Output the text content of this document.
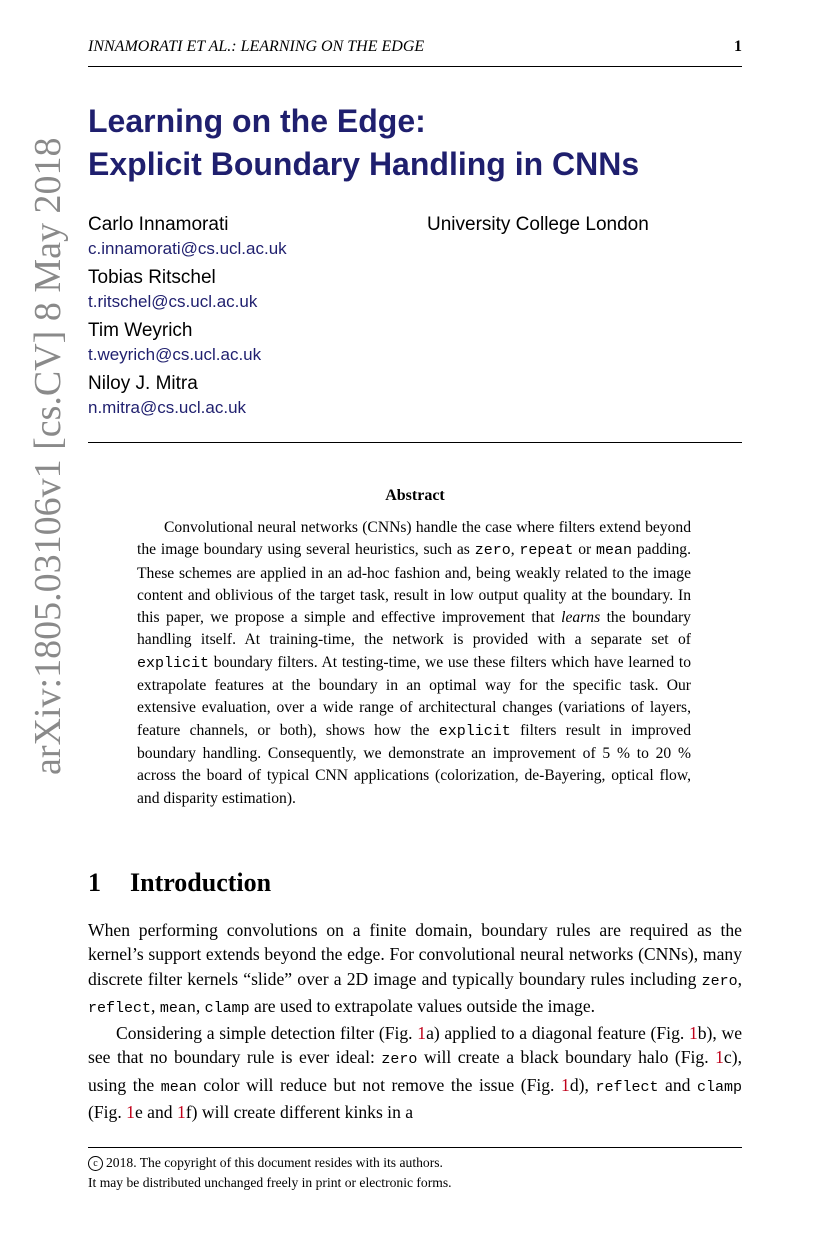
INNAMORATI ET AL.: LEARNING ON THE EDGE	1
arXiv:1805.03106v1 [cs.CV] 8 May 2018
Learning on the Edge:
Explicit Boundary Handling in CNNs
Carlo Innamorati
c.innamorati@cs.ucl.ac.uk
Tobias Ritschel
t.ritschel@cs.ucl.ac.uk
Tim Weyrich
t.weyrich@cs.ucl.ac.uk
Niloy J. Mitra
n.mitra@cs.ucl.ac.uk
University College London
Abstract
Convolutional neural networks (CNNs) handle the case where filters extend beyond the image boundary using several heuristics, such as zero, repeat or mean padding. These schemes are applied in an ad-hoc fashion and, being weakly related to the image content and oblivious of the target task, result in low output quality at the boundary. In this paper, we propose a simple and effective improvement that learns the boundary handling itself. At training-time, the network is provided with a separate set of explicit boundary filters. At testing-time, we use these filters which have learned to extrapolate features at the boundary in an optimal way for the specific task. Our extensive evaluation, over a wide range of architectural changes (variations of layers, feature channels, or both), shows how the explicit filters result in improved boundary handling. Consequently, we demonstrate an improvement of 5 % to 20 % across the board of typical CNN applications (colorization, de-Bayering, optical flow, and disparity estimation).
1 Introduction

When performing convolutions on a finite domain, boundary rules are required as the kernel’s support extends beyond the edge. For convolutional neural networks (CNNs), many discrete filter kernels “slide” over a 2D image and typically boundary rules including zero, reflect, mean, clamp are used to extrapolate values outside the image.

Considering a simple detection filter (Fig. 1a) applied to a diagonal feature (Fig. 1b), we see that no boundary rule is ever ideal: zero will create a black boundary halo (Fig. 1c), using the mean color will reduce but not remove the issue (Fig. 1d), reflect and clamp (Fig. 1e and 1f) will create different kinks in a

c 2018. The copyright of this document resides with its authors.
It may be distributed unchanged freely in print or electronic forms.
